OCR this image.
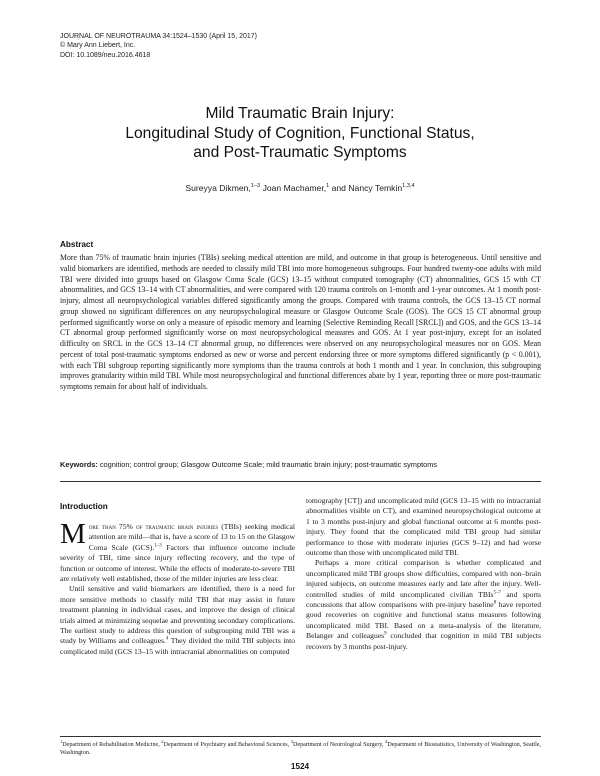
JOURNAL OF NEUROTRAUMA 34:1524–1530 (April 15, 2017)
© Mary Ann Liebert, Inc.
DOI: 10.1089/neu.2016.4618
Mild Traumatic Brain Injury:
Longitudinal Study of Cognition, Functional Status,
and Post-Traumatic Symptoms
Sureyya Dikmen,$^{1-3}$ Joan Machamer,$^1$ and Nancy Temkin$^{1,3,4}$
Abstract
More than 75% of traumatic brain injuries (TBIs) seeking medical attention are mild, and outcome in that group is heterogeneous. Until sensitive and valid biomarkers are identified, methods are needed to classify mild TBI into more homogeneous subgroups. Four hundred twenty-one adults with mild TBI were divided into groups based on Glasgow Coma Scale (GCS) 13–15 without computed tomography (CT) abnormalities, GCS 15 with CT abnormalities, and GCS 13–14 with CT abnormalities, and were compared with 120 trauma controls on 1-month and 1-year outcomes. At 1 month post-injury, almost all neuropsychological variables differed significantly among the groups. Compared with trauma controls, the GCS 13–15 CT normal group showed no significant differences on any neuropsychological measure or Glasgow Outcome Scale (GOS). The GCS 15 CT abnormal group performed significantly worse on only a measure of episodic memory and learning (Selective Reminding Recall [SRCL]) and GOS, and the GCS 13–14 CT abnormal group performed significantly worse on most neuropsychological measures and GOS. At 1 year post-injury, except for an isolated difficulty on SRCL in the GCS 13–14 CT abnormal group, no differences were observed on any neuropsychological measures nor on GOS. Mean percent of total post-traumatic symptoms endorsed as new or worse and percent endorsing three or more symptoms differed significantly (p < 0.001), with each TBI subgroup reporting significantly more symptoms than the trauma controls at both 1 month and 1 year. In conclusion, this subgrouping improves granularity within mild TBI. While most neuropsychological and functional differences abate by 1 year, reporting three or more post-traumatic symptoms remain for about half of individuals.
Keywords: cognition; control group; Glasgow Outcome Scale; mild traumatic brain injury; post-traumatic symptoms
Introduction

More than 75% of traumatic brain injuries (TBIs) seeking medical attention are mild—that is, have a score of 13 to 15 on the Glasgow Coma Scale (GCS).$^{1-3}$ Factors that influence outcome include severity of TBI, time since injury reflecting recovery, and the type of function or outcome of interest. While the effects of moderate-to-severe TBI are relatively well established, those of the milder injuries are less clear.

Until sensitive and valid biomarkers are identified, there is a need for more sensitive methods to classify mild TBI that may assist in future treatment planning in individual cases, and improve the design of clinical trials aimed at minimizing sequelae and preventing secondary complications. The earliest study to address this question of subgrouping mild TBI was a study by Williams and colleagues.$^4$ They divided the mild TBI subjects into complicated mild (GCS 13–15 with intracranial abnormalities on computed

tomography [CT]) and uncomplicated mild (GCS 13–15 with no intracranial abnormalities visible on CT), and examined neuropsychological outcome at 1 to 3 months post-injury and global functional outcome at 6 months post-injury. They found that the complicated mild TBI group had similar performance to those with moderate injuries (GCS 9–12) and had worse outcome than those with uncomplicated mild TBI.

Perhaps a more critical comparison is whether complicated and uncomplicated mild TBI groups show difficulties, compared with non–brain injured subjects, on outcome measures early and late after the injury. Well-controlled studies of mild uncomplicated civilian TBIs$^{5-7}$ and sports concussions that allow comparisons with pre-injury baseline$^8$ have reported good recoveries on cognitive and functional status measures following uncomplicated mild TBI. Based on a meta-analysis of the literature, Belanger and colleagues$^9$ concluded that cognition in mild TBI subjects recovers by 3 months post-injury.

$^1$Department of Rehabilitation Medicine, $^2$Department of Psychiatry and Behavioral Sciences, $^3$Department of Neurological Surgery, $^4$Department of Biostatistics, University of Washington, Seattle, Washington.
1524
